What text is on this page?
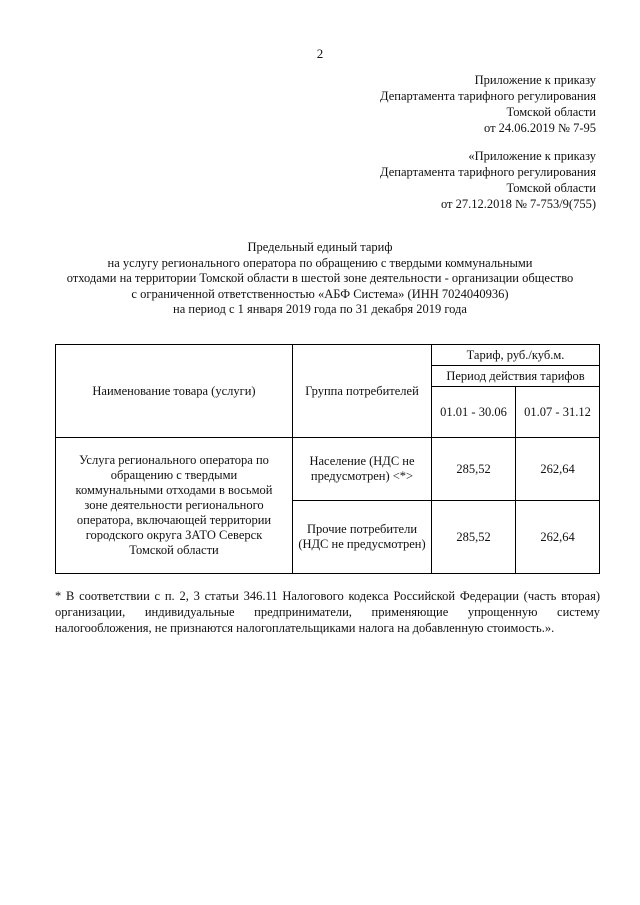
2
Приложение к приказу
Департамента тарифного регулирования
Томской области
от 24.06.2019 № 7-95
«Приложение к приказу
Департамента тарифного регулирования
Томской области
от 27.12.2018 № 7-753/9(755)
Предельный единый тариф
на услугу регионального оператора по обращению с твердыми коммунальными
отходами на территории Томской области в шестой зоне деятельности - организации общество
с ограниченной ответственностью «АБФ Система» (ИНН 7024040936)
на период с 1 января 2019 года по 31 декабря 2019 года
Наименование товара (услуги)	Группа потребителей	Тариф, руб./куб.м.	
		Период действия тарифов	
		01.01 - 30.06	01.07 - 31.12
Услуга регионального оператора по обращению с твердыми коммунальными отходами в восьмой зоне деятельности регионального оператора, включающей территории городского округа ЗАТО Северск Томской области	Население (НДС не предусмотрен) <*>	285,52	262,64
	Прочие потребители (НДС не предусмотрен)	285,52	262,64
* В соответствии с п. 2, 3 статьи 346.11 Налогового кодекса Российской Федерации (часть вторая) организации, индивидуальные предприниматели, применяющие упрощенную систему налогообложения, не признаются налогоплательщиками налога на добавленную стоимость.».
